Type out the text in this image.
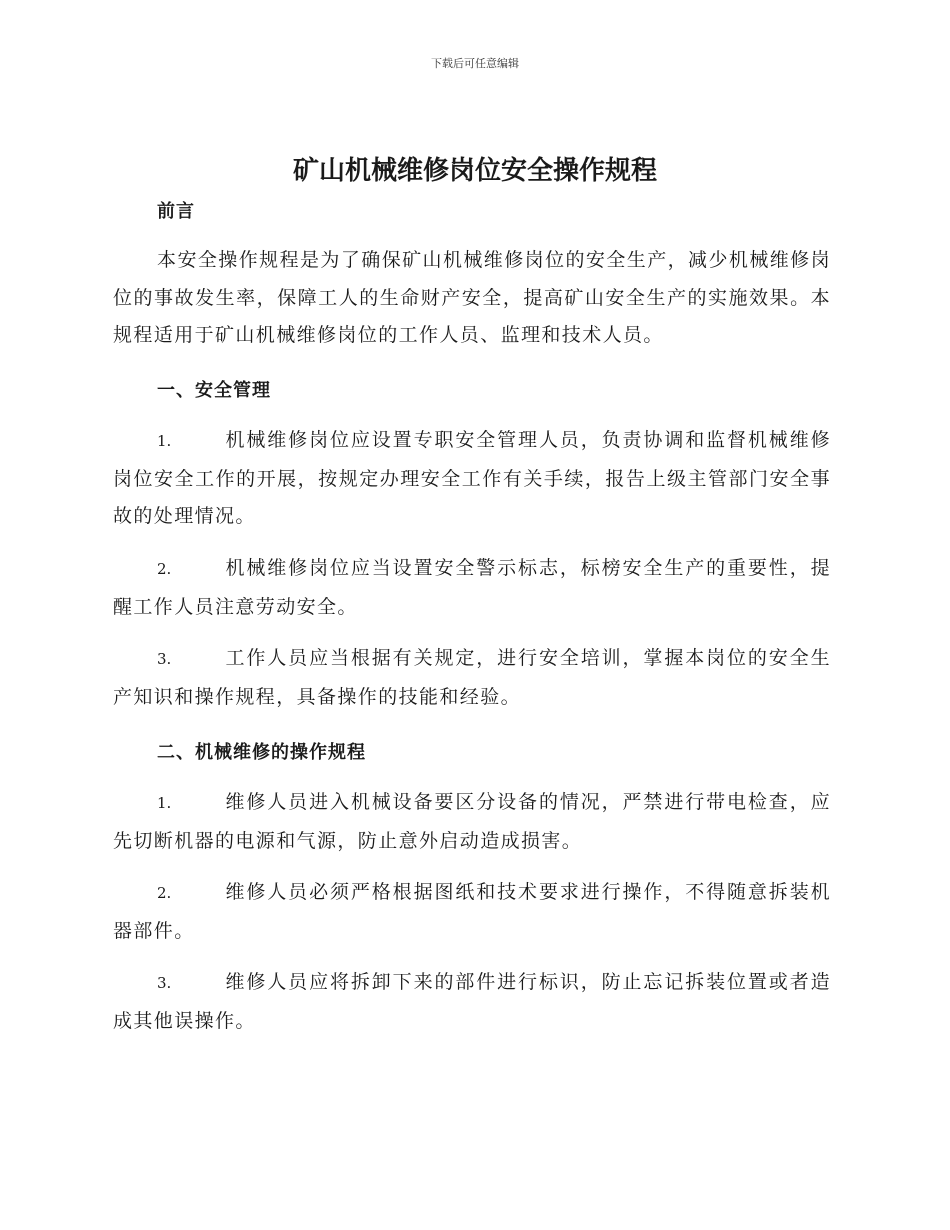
下载后可任意编辑
矿山机械维修岗位安全操作规程
前言
本安全操作规程是为了确保矿山机械维修岗位的安全生产，减少机械维修岗位的事故发生率，保障工人的生命财产安全，提高矿山安全生产的实施效果。本规程适用于矿山机械维修岗位的工作人员、监理和技术人员。
一、安全管理
1.	机械维修岗位应设置专职安全管理人员，负责协调和监督机械维修岗位安全工作的开展，按规定办理安全工作有关手续，报告上级主管部门安全事故的处理情况。
2.	机械维修岗位应当设置安全警示标志，标榜安全生产的重要性，提醒工作人员注意劳动安全。
3.	工作人员应当根据有关规定，进行安全培训，掌握本岗位的安全生产知识和操作规程，具备操作的技能和经验。
二、机械维修的操作规程
1.	维修人员进入机械设备要区分设备的情况，严禁进行带电检查，应先切断机器的电源和气源，防止意外启动造成损害。
2.	维修人员必须严格根据图纸和技术要求进行操作，不得随意拆装机器部件。
3.	维修人员应将拆卸下来的部件进行标识，防止忘记拆装位置或者造成其他误操作。
